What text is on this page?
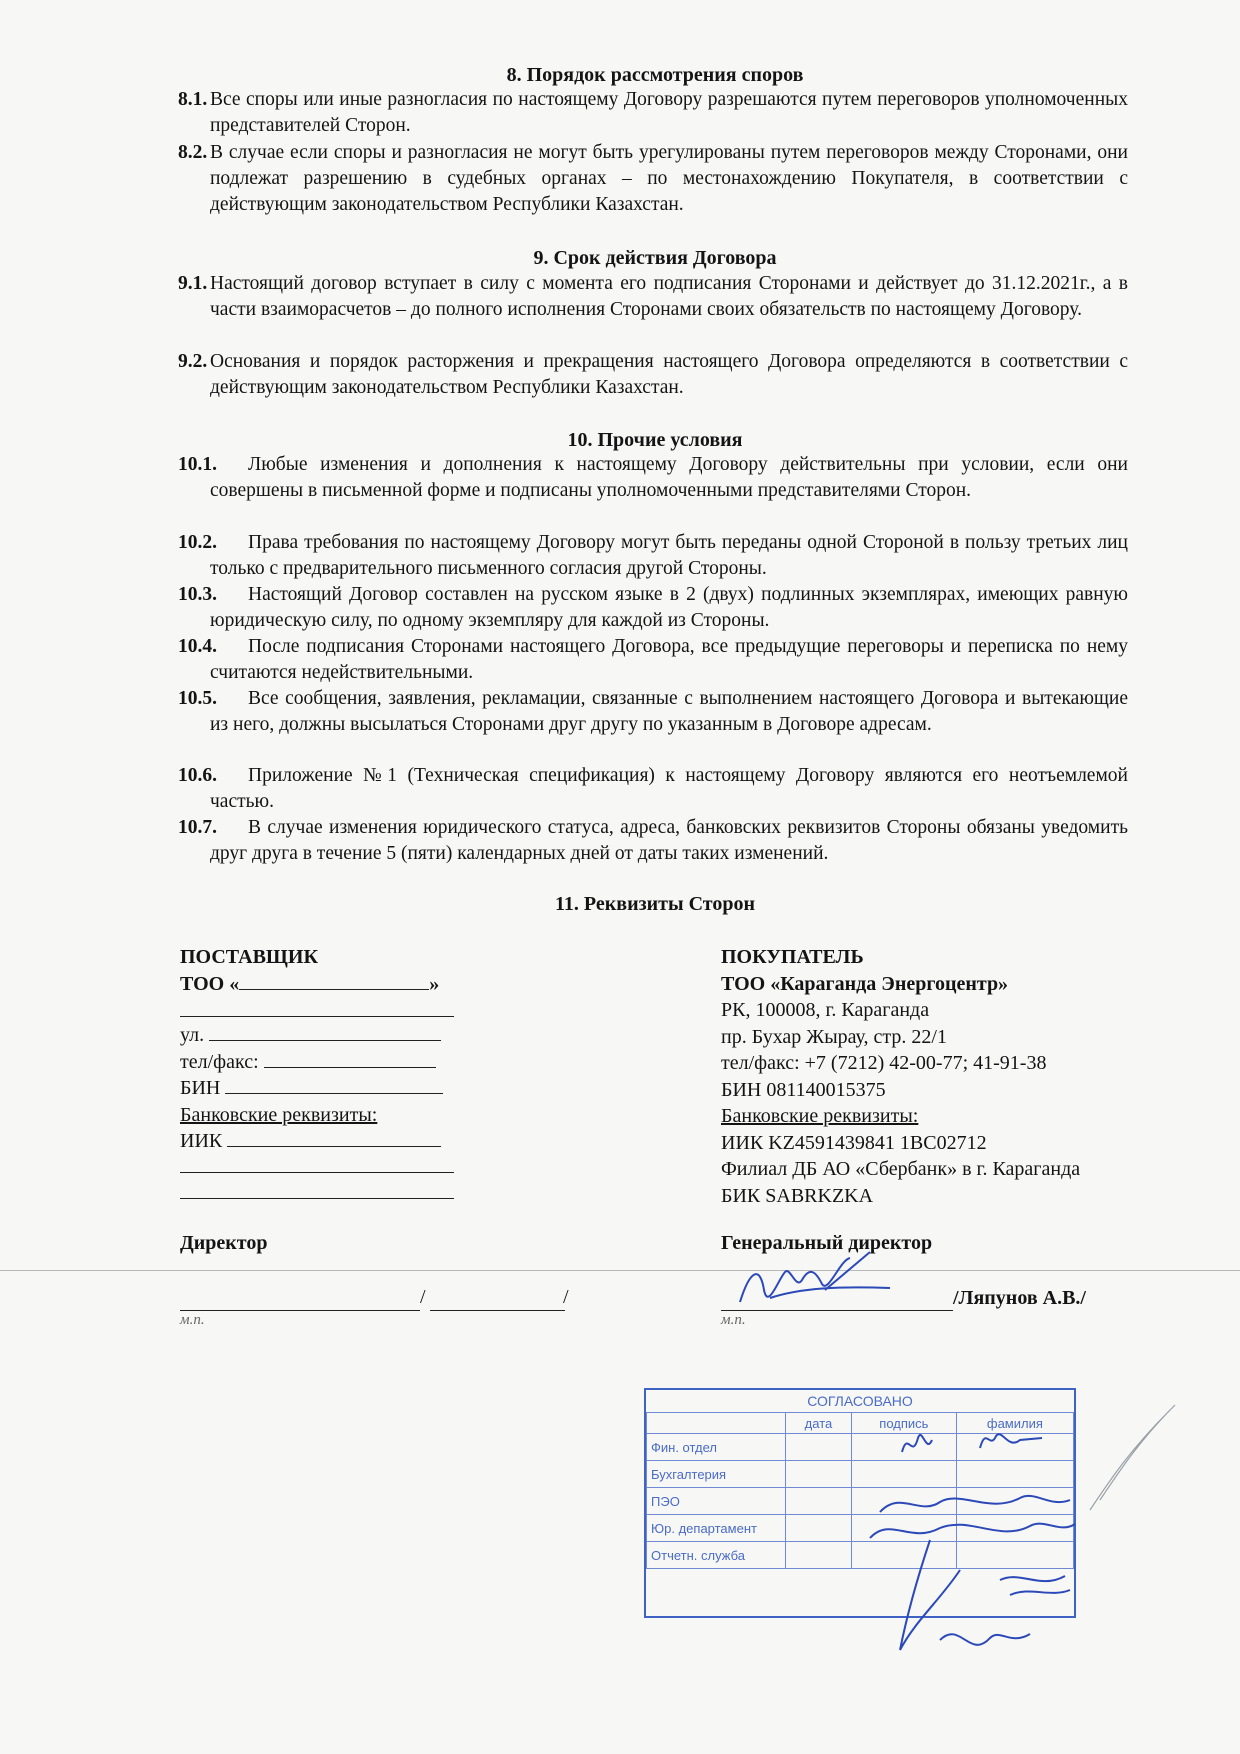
8. Порядок рассмотрения споров
8.1. Все споры или иные разногласия по настоящему Договору разрешаются путем переговоров уполномоченных представителей Сторон.
8.2. В случае если споры и разногласия не могут быть урегулированы путем переговоров между Сторонами, они подлежат разрешению в судебных органах – по местонахождению Покупателя, в соответствии с действующим законодательством Республики Казахстан.
9. Срок действия Договора
9.1. Настоящий договор вступает в силу с момента его подписания Сторонами и действует до 31.12.2021г., а в части взаиморасчетов – до полного исполнения Сторонами своих обязательств по настоящему Договору.
9.2. Основания и порядок расторжения и прекращения настоящего Договора определяются в соответствии с действующим законодательством Республики Казахстан.
10. Прочие условия
10.1.	Любые изменения и дополнения к настоящему Договору действительны при условии, если они совершены в письменной форме и подписаны уполномоченными представителями Сторон.
10.2.	Права требования по настоящему Договору могут быть переданы одной Стороной в пользу третьих лиц только с предварительного письменного согласия другой Стороны.
10.3.	Настоящий Договор составлен на русском языке в 2 (двух) подлинных экземплярах, имеющих равную юридическую силу, по одному экземпляру для каждой из Стороны.
10.4.	После подписания Сторонами настоящего Договора, все предыдущие переговоры и переписка по нему считаются недействительными.
10.5.	Все сообщения, заявления, рекламации, связанные с выполнением настоящего Договора и вытекающие из него, должны высылаться Сторонами друг другу по указанным в Договоре адресам.
10.6.	Приложение №1 (Техническая спецификация) к настоящему Договору являются его неотъемлемой частью.
10.7.	В случае изменения юридического статуса, адреса, банковских реквизитов Стороны обязаны уведомить друг друга в течение 5 (пяти) календарных дней от даты таких изменений.
11. Реквизиты Сторон
ПОСТАВЩИК
ТОО «	»
ул.
тел/факс:
БИН
Банковские реквизиты:
ИИК
Директор
/	/
м.п.
ПОКУПАТЕЛЬ
ТОО «Караганда Энергоцентр»
РК, 100008, г. Караганда
пр. Бухар Жырау, стр. 22/1
тел/факс: +7 (7212) 42-00-77; 41-91-38
БИН 081140015375
Банковские реквизиты:
ИИК KZ4591439841 1BC02712
Филиал ДБ АО «Сбербанк» в г. Караганда
БИК SABRKZKA
Генеральный директор
/Ляпунов А.В./
м.п.
СОГЛАСОВАНО			
	дата	подпись	фамилия
Фин. отдел			
Бухгалтерия			
ПЭО			
Юр. департамент			
Отчетн. служба			
